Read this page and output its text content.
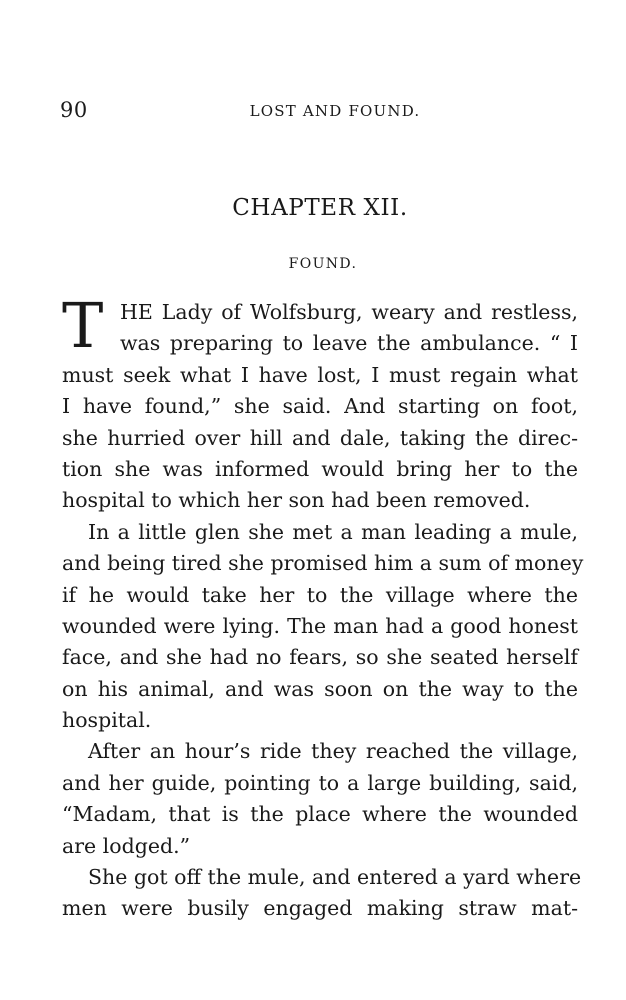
90	LOST AND FOUND.
CHAPTER XII.
FOUND.
T HE Lady of Wolfsburg, weary and restless,
was preparing to leave the ambulance. “ I
must seek what I have lost, I must regain what
I have found,” she said. And starting on foot,
she hurried over hill and dale, taking the direc-
tion she was informed would bring her to the
hospital to which her son had been removed.
In a little glen she met a man leading a mule,
and being tired she promised him a sum of money
if he would take her to the village where the
wounded were lying. The man had a good honest
face, and she had no fears, so she seated herself
on his animal, and was soon on the way to the
hospital.
After an hour’s ride they reached the village,
and her guide, pointing to a large building, said,
“Madam, that is the place where the wounded
are lodged.”
She got off the mule, and entered a yard where
men were busily engaged making straw mat-
